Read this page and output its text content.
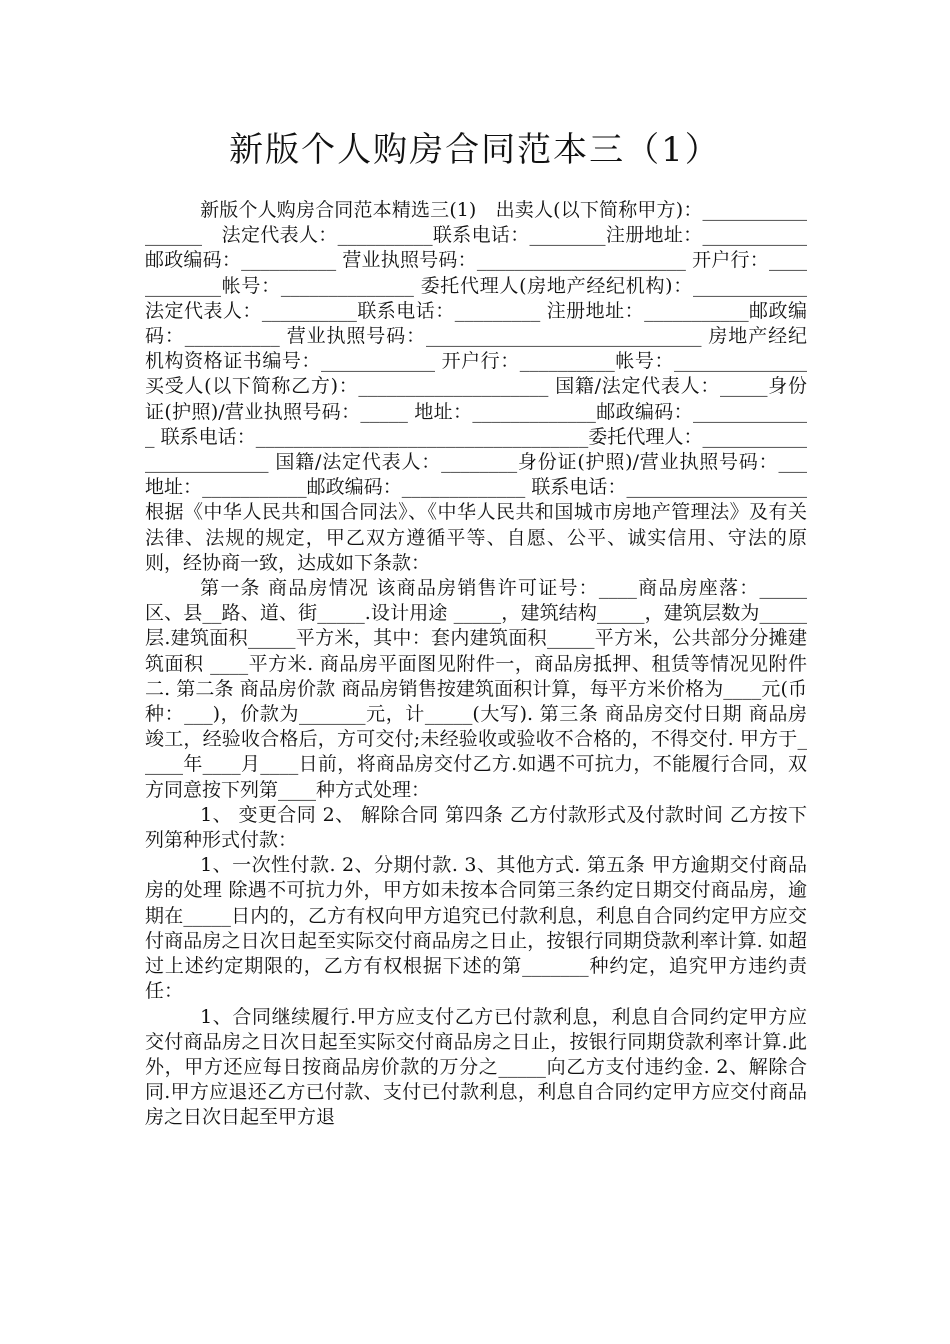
新版个人购房合同范本三（1）

新版个人购房合同范本精选三(1)　出卖人(以下简称甲方)：_________________　法定代表人：__________联系电话：________注册地址：___________邮政编码：__________ 营业执照号码：______________________ 开户行：____________帐号：______________ 委托代理人(房地产经纪机构)：____________ 法定代表人：__________联系电话：_________ 注册地址：___________邮政编码：__________ 营业执照号码：_____________________________ 房地产经纪机构资格证书编号：____________ 开户行：__________帐号：______________　买受人(以下简称乙方)：____________________ 国籍/法定代表人：_____身份证(护照)/营业执照号码：_____ 地址：_____________邮政编码：_____________ 联系电话：___________________________________委托代理人：________________________ 国籍/法定代表人：________身份证(护照)/营业执照号码：___ 地址：___________邮政编码：_____________ 联系电话：___________________ 根据《中华人民共和国合同法》、《中华人民共和国城市房地产管理法》及有关法律、法规的规定，甲乙双方遵循平等、自愿、公平、诚实信用、守法的原则，经协商一致，达成如下条款：

第一条 商品房情况 该商品房销售许可证号：____商品房座落：_____区、县__路、道、街_____.设计用途 _____，建筑结构_____，建筑层数为_____层.建筑面积_____平方米，其中：套内建筑面积_____平方米，公共部分分摊建筑面积 ____平方米. 商品房平面图见附件一，商品房抵押、租赁等情况见附件二. 第二条 商品房价款 商品房销售按建筑面积计算，每平方米价格为____元(币种：___)，价款为_______元，计_____(大写). 第三条 商品房交付日期 商品房竣工，经验收合格后，方可交付;未经验收或验收不合格的，不得交付. 甲方于_____年____月____日前，将商品房交付乙方.如遇不可抗力，不能履行合同，双方同意按下列第____种方式处理：

1、 变更合同 2、 解除合同 第四条 乙方付款形式及付款时间 乙方按下列第种形式付款：

1、一次性付款. 2、分期付款. 3、其他方式. 第五条 甲方逾期交付商品房的处理 除遇不可抗力外，甲方如未按本合同第三条约定日期交付商品房，逾期在_____日内的，乙方有权向甲方追究已付款利息，利息自合同约定甲方应交付商品房之日次日起至实际交付商品房之日止，按银行同期贷款利率计算. 如超过上述约定期限的，乙方有权根据下述的第_______种约定，追究甲方违约责任：

1、合同继续履行.甲方应支付乙方已付款利息，利息自合同约定甲方应交付商品房之日次日起至实际交付商品房之日止，按银行同期贷款利率计算.此外，甲方还应每日按商品房价款的万分之_____向乙方支付违约金. 2、解除合同.甲方应退还乙方已付款、支付已付款利息，利息自合同约定甲方应交付商品房之日次日起至甲方退
